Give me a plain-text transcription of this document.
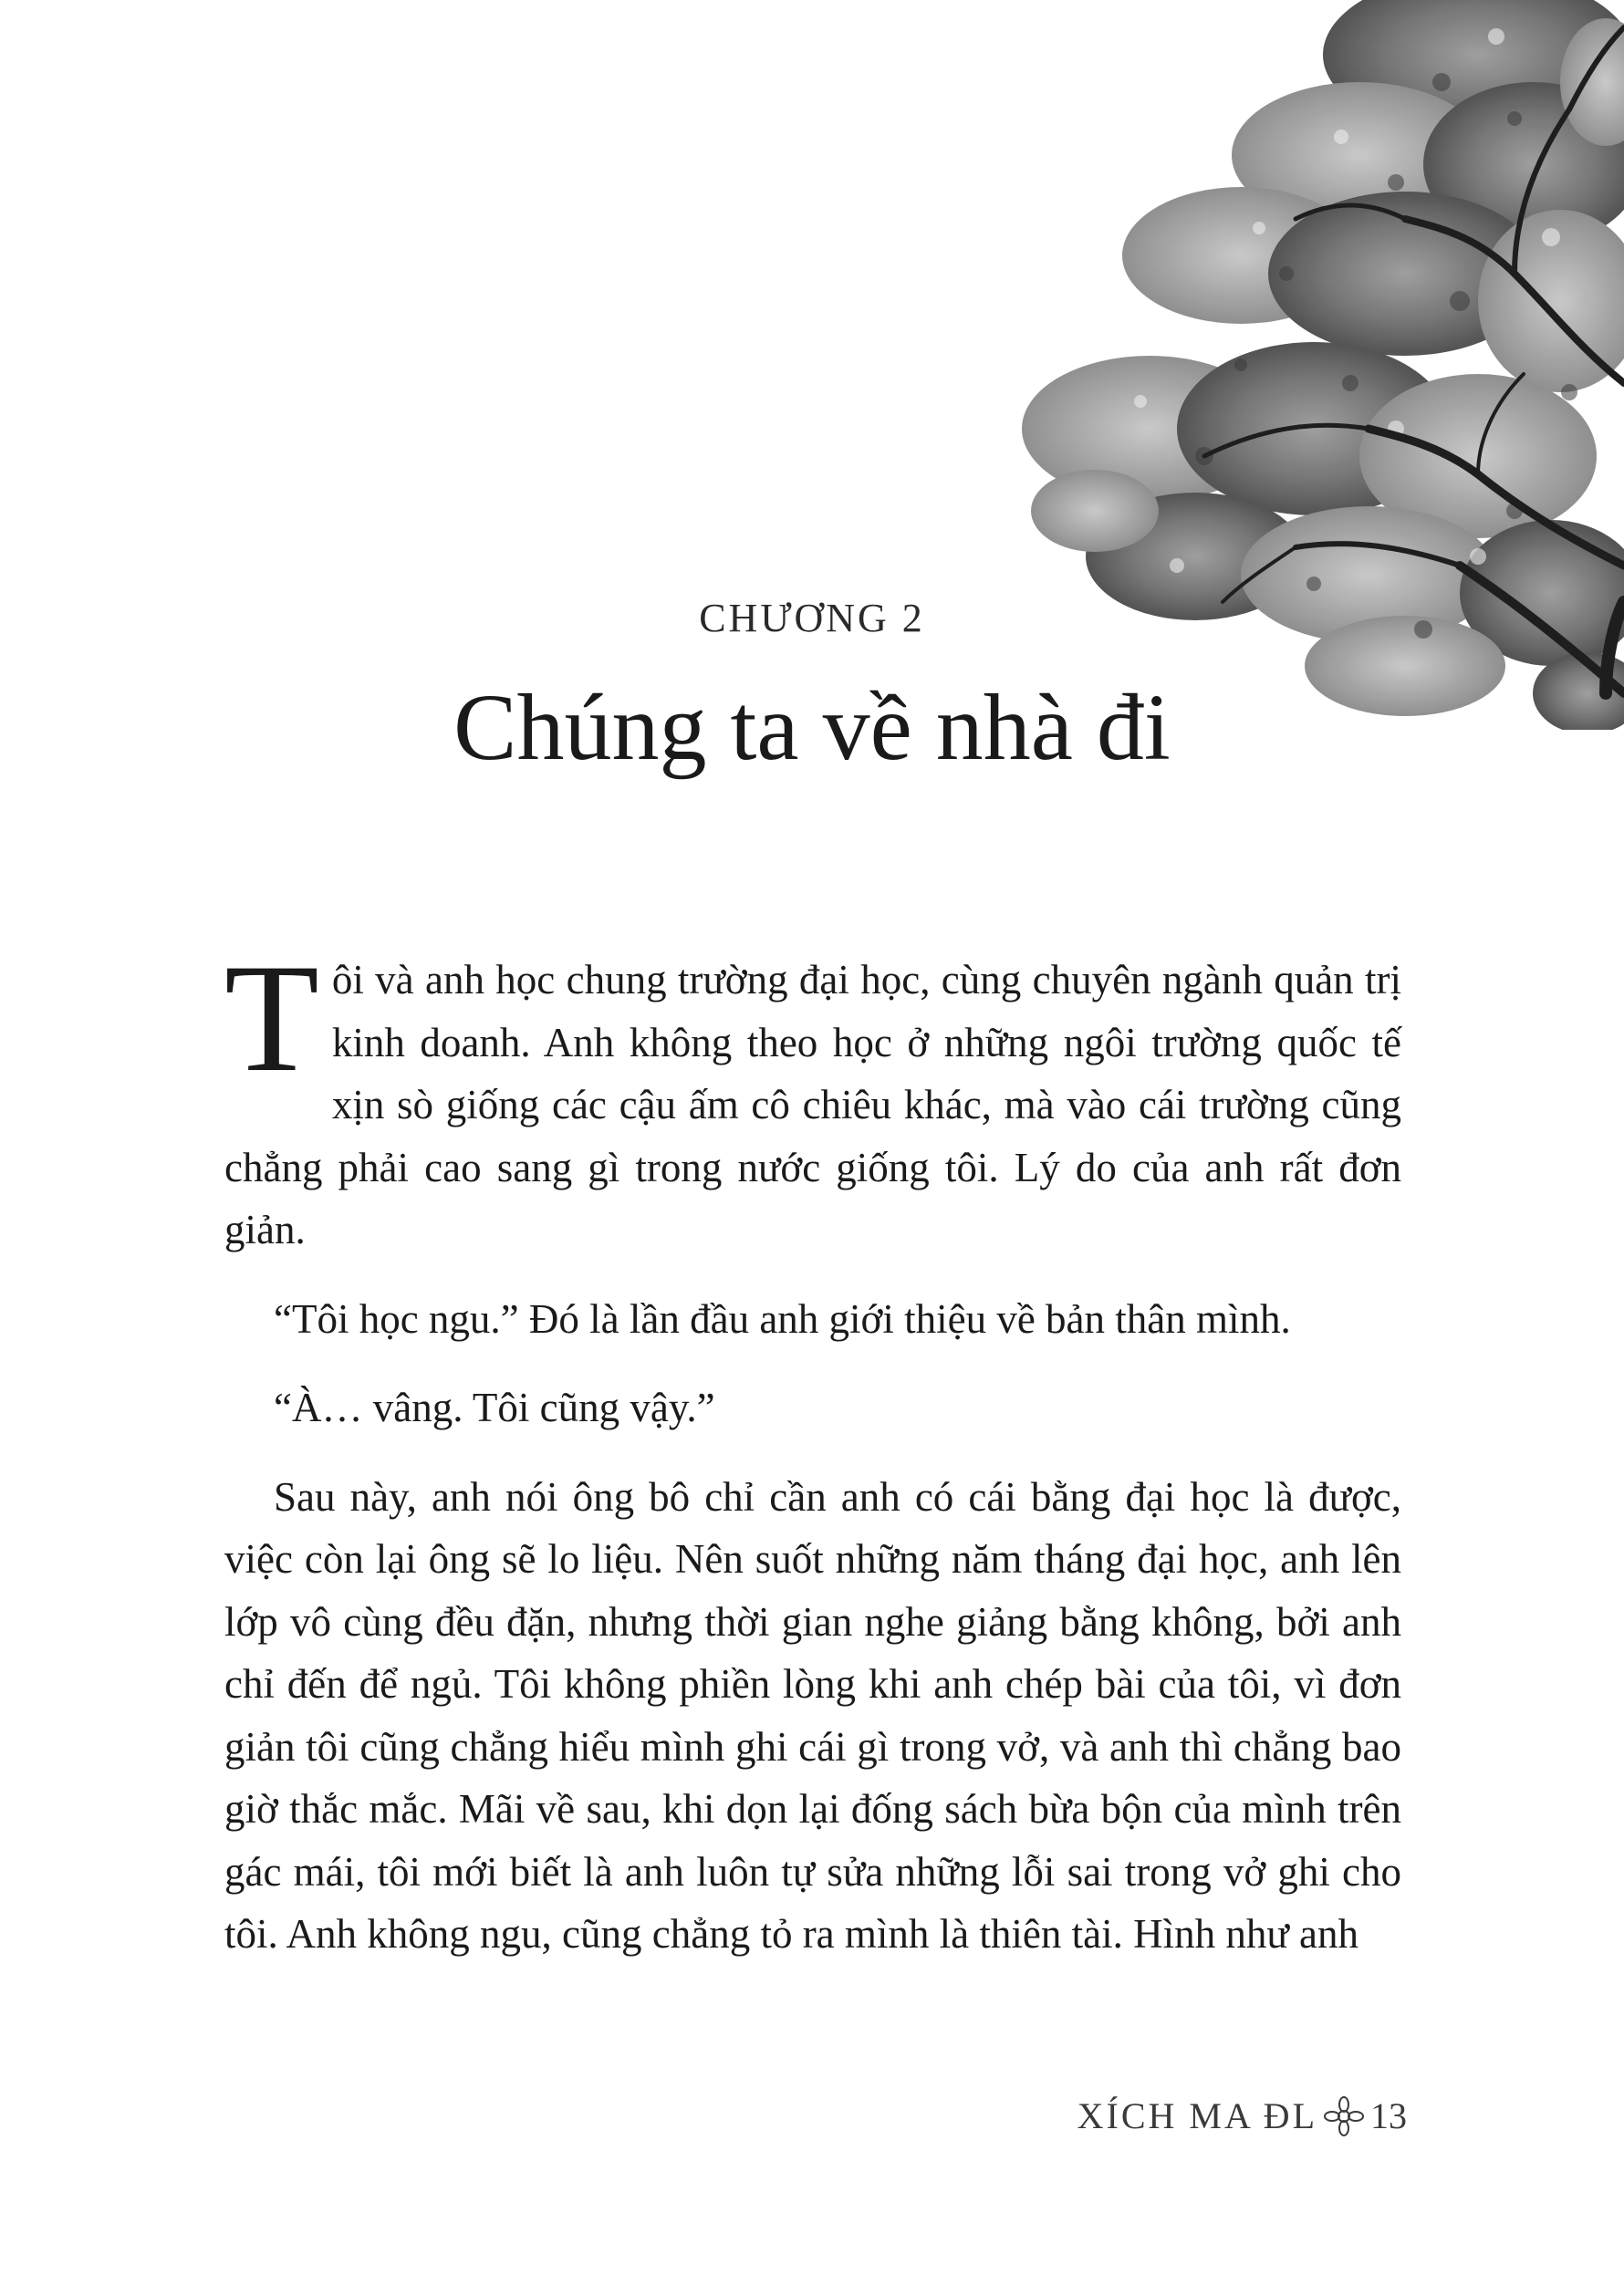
CHƯƠNG 2
Chúng ta về nhà đi

Tôi và anh học chung trường đại học, cùng chuyên ngành quản trị kinh doanh. Anh không theo học ở những ngôi trường quốc tế xịn sò giống các cậu ấm cô chiêu khác, mà vào cái trường cũng chẳng phải cao sang gì trong nước giống tôi. Lý do của anh rất đơn giản.

“Tôi học ngu.” Đó là lần đầu anh giới thiệu về bản thân mình.

“À… vâng. Tôi cũng vậy.”

Sau này, anh nói ông bô chỉ cần anh có cái bằng đại học là được, việc còn lại ông sẽ lo liệu. Nên suốt những năm tháng đại học, anh lên lớp vô cùng đều đặn, nhưng thời gian nghe giảng bằng không, bởi anh chỉ đến để ngủ. Tôi không phiền lòng khi anh chép bài của tôi, vì đơn giản tôi cũng chẳng hiểu mình ghi cái gì trong vở, và anh thì chẳng bao giờ thắc mắc. Mãi về sau, khi dọn lại đống sách bừa bộn của mình trên gác mái, tôi mới biết là anh luôn tự sửa những lỗi sai trong vở ghi cho tôi. Anh không ngu, cũng chẳng tỏ ra mình là thiên tài. Hình như anh

XÍCH MA ĐL 13
